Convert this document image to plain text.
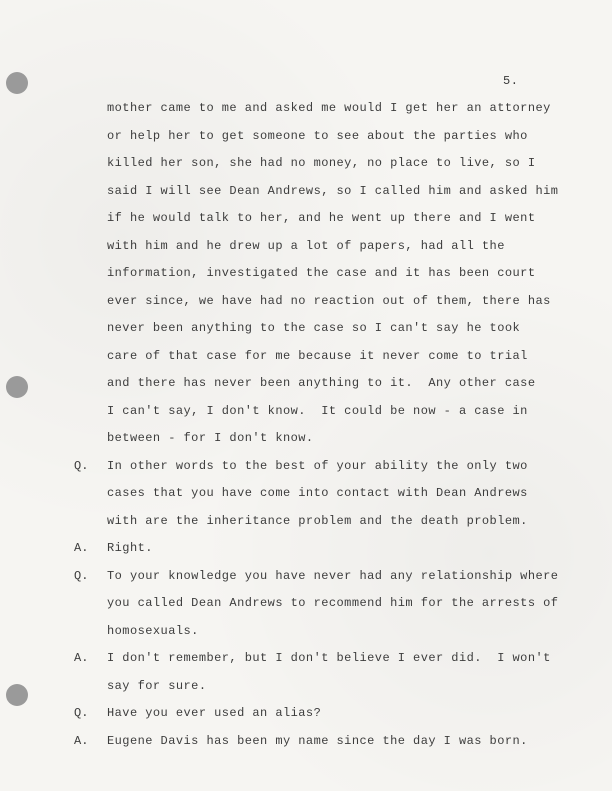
5.
mother came to me and asked me would I get her an attorney
or help her to get someone to see about the parties who
killed her son, she had no money, no place to live, so I
said I will see Dean Andrews, so I called him and asked him
if he would talk to her, and he went up there and I went
with him and he drew up a lot of papers, had all the
information, investigated the case and it has been court
ever since, we have had no reaction out of them, there has
never been anything to the case so I can't say he took
care of that case for me because it never come to trial
and there has never been anything to it.  Any other case
I can't say, I don't know.  It could be now - a case in
between - for I don't know.
Q. In other words to the best of your ability the only two
cases that you have come into contact with Dean Andrews
with are the inheritance problem and the death problem.
A. Right.
Q. To your knowledge you have never had any relationship where
you called Dean Andrews to recommend him for the arrests of
homosexuals.
A. I don't remember, but I don't believe I ever did.  I won't
say for sure.
Q. Have you ever used an alias?
A. Eugene Davis has been my name since the day I was born.
